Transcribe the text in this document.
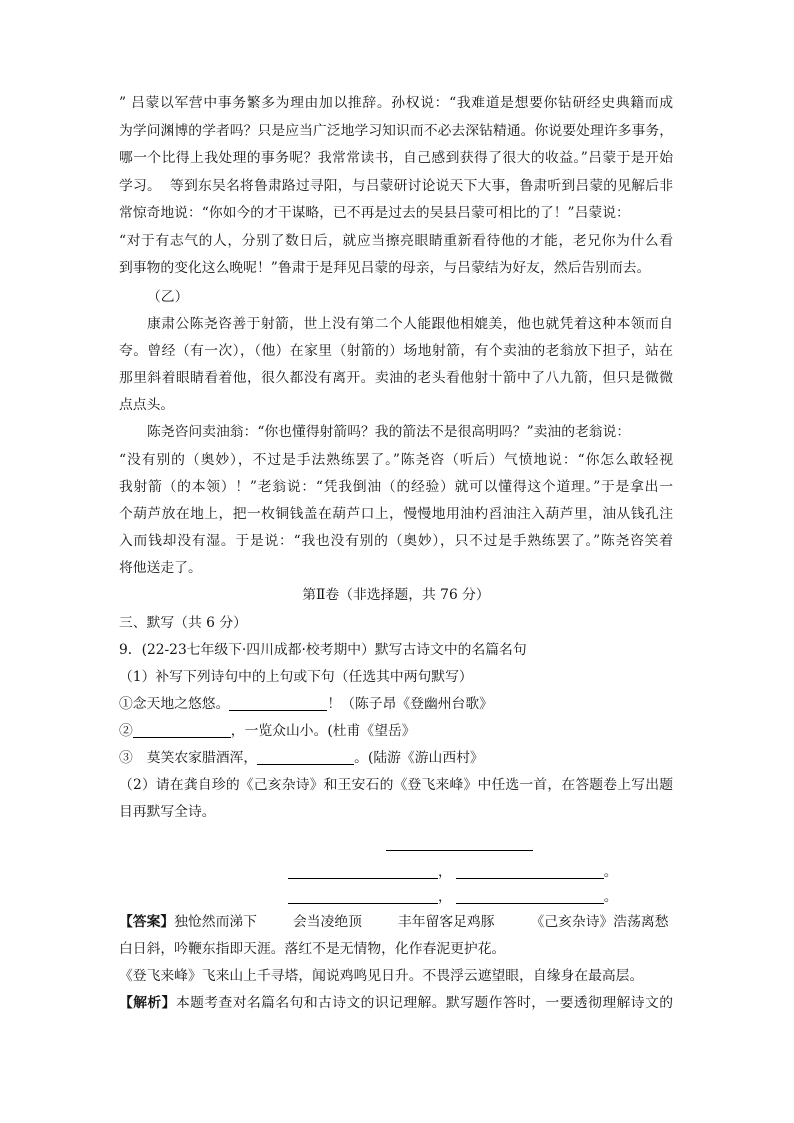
” 吕蒙以军营中事务繁多为理由加以推辞。孙权说：“我难道是想要你钻研经史典籍而成
为学问渊博的学者吗？只是应当广泛地学习知识而不必去深钻精通。你说要处理许多事务，
哪一个比得上我处理的事务呢？我常常读书，自己感到获得了很大的收益。”吕蒙于是开始
学习。  等到东吴名将鲁肃路过寻阳，与吕蒙研讨论说天下大事，鲁肃听到吕蒙的见解后非
常惊奇地说：“你如今的才干谋略，已不再是过去的吴县吕蒙可相比的了！”吕蒙说：
“对于有志气的人，分别了数日后，就应当擦亮眼睛重新看待他的才能，老兄你为什么看
到事物的变化这么晚呢！”鲁肃于是拜见吕蒙的母亲，与吕蒙结为好友，然后告别而去。
（乙）
康肃公陈尧咨善于射箭，世上没有第二个人能跟他相媲美，他也就凭着这种本领而自
夸。曾经（有一次），（他）在家里（射箭的）场地射箭，有个卖油的老翁放下担子，站在
那里斜着眼睛看着他，很久都没有离开。卖油的老头看他射十箭中了八九箭，但只是微微
点点头。
陈尧咨问卖油翁：“你也懂得射箭吗？我的箭法不是很高明吗？”卖油的老翁说：
“没有别的（奥妙），不过是手法熟练罢了。”陈尧咨（听后）气愤地说：“你怎么敢轻视
我射箭（的本领）！”老翁说：“凭我倒油（的经验）就可以懂得这个道理。”于是拿出一
个葫芦放在地上，把一枚铜钱盖在葫芦口上，慢慢地用油杓舀油注入葫芦里，油从钱孔注
入而钱却没有湿。于是说：“我也没有别的（奥妙），只不过是手熟练罢了。”陈尧咨笑着
将他送走了。
第Ⅱ卷（非选择题，共 76 分）
三、默写（共 6 分）
9．(22-23七年级下·四川成都·校考期中）默写古诗文中的名篇名句
（1）补写下列诗句中的上句或下句（任选其中两句默写）
①念天地之悠悠。	！（陈子昂《登幽州台歌》
②	，一览众山小。(杜甫《望岳》
③ 莫笑农家腊酒浑，	。(陆游《游山西村》
（2）请在龚自珍的《己亥杂诗》和王安石的《登飞来峰》中任选一首，在答题卷上写出题
目再默写全诗。
，	。
，	。
【答案】独怆然而涕下	会当凌绝顶	丰年留客足鸡豚	《己亥杂诗》浩荡离愁
白日斜，吟鞭东指即天涯。落红不是无情物，化作春泥更护花。
《登飞来峰》飞来山上千寻塔，闻说鸡鸣见日升。不畏浮云遮望眼，自缘身在最高层。
【解析】本题考查对名篇名句和古诗文的识记理解。默写题作答时，一要透彻理解诗文的
